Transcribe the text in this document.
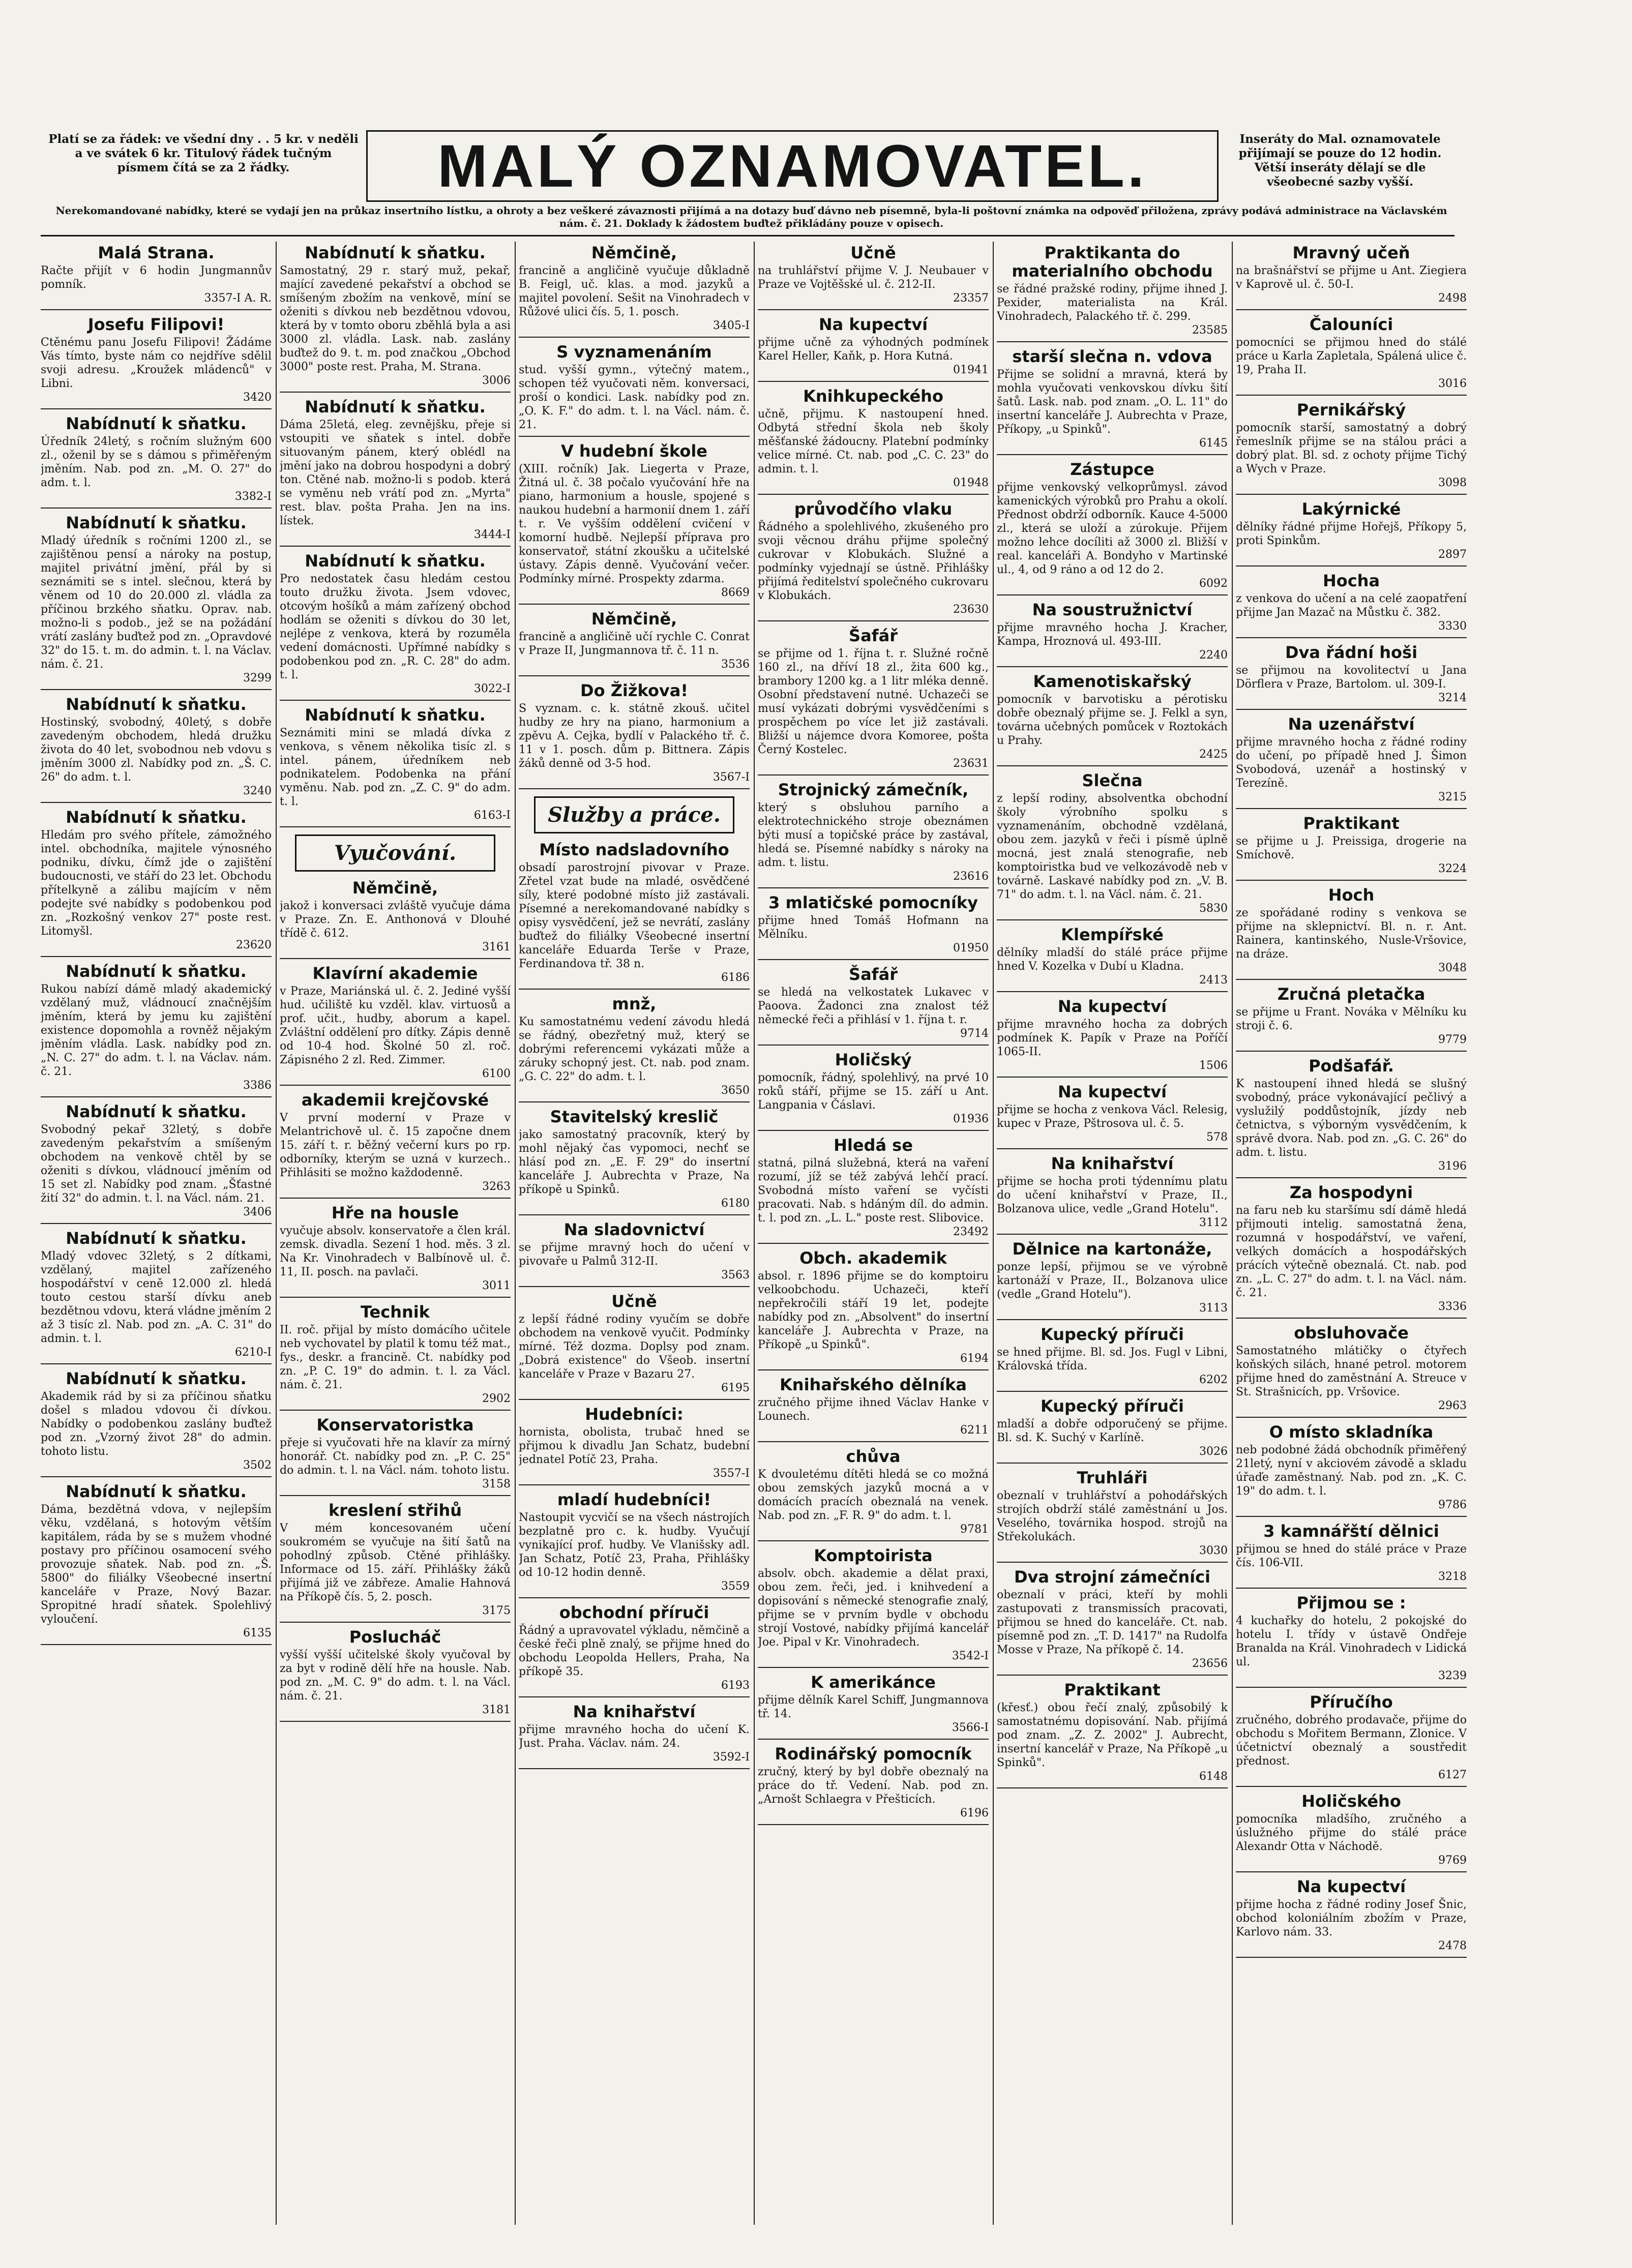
Platí se za řádek: ve všední dny . . 5 kr. v neděli a ve svátek 6 kr. Titulový řádek tučným písmem čítá se za 2 řádky.	MALÝ OZNAMOVATEL.	Inseráty do Mal. oznamovatele přijímají se pouze do 12 hodin. Větší inseráty dělají se dle všeobecné sazby vyšší.
Nerekomandované nabídky, které se vydají jen na průkaz insertního lístku, a ohroty a bez veškeré závaznosti přijímá a na dotazy buď dávno neb písemně, byla-li poštovní známka na odpověď přiložena, zprávy podává administrace na Václavském nám. č. 21. Doklady k žádostem buďtež přikládány pouze v opisech.
Malá Strana.

Račte přijít v 6 hodin Jungmannův pomník.

3357-I A. R.
Josefu Filipovi!

Ctěnému panu Josefu Filipovi! Žádáme Vás tímto, byste nám co nejdříve sdělil svoji adresu. „Kroužek mládenců" v Libni.

3420
Nabídnutí k sňatku.

Úředník 24letý, s ročním služným 600 zl., oženil by se s dámou s přiměřeným jměním. Nab. pod zn. „M. O. 27" do adm. t. l.

3382-I
Nabídnutí k sňatku.

Mladý úředník s ročními 1200 zl., se zajištěnou pensí a nároky na postup, majitel privátní jmění, přál by si seznámiti se s intel. slečnou, která by věnem od 10 do 20.000 zl. vládla za příčinou brzkého sňatku. Oprav. nab. možno-li s podob., jež se na požádání vrátí zaslány buďtež pod zn. „Opravdové 32" do 15. t. m. do admin. t. l. na Václav. nám. č. 21.

3299
Nabídnutí k sňatku.

Hostinský, svobodný, 40letý, s dobře zavedeným obchodem, hledá družku života do 40 let, svobodnou neb vdovu s jměním 3000 zl. Nabídky pod zn. „Š. C. 26" do adm. t. l.

3240
Nabídnutí k sňatku.

Hledám pro svého přítele, zámožného intel. obchodníka, majitele výnosného podniku, dívku, čímž jde o zajištění budoucnosti, ve stáří do 23 let. Obchodu přítelkyně a zálibu majícím v něm podejte své nabídky s podobenkou pod zn. „Rozkošný venkov 27" poste rest. Litomyšl.

23620
Nabídnutí k sňatku.

Rukou nabízí dámě mladý akademický vzdělaný muž, vládnoucí značnějším jměním, která by jemu ku zajištění existence dopomohla a rovněž nějakým jměním vládla. Lask. nabídky pod zn. „N. C. 27" do adm. t. l. na Václav. nám. č. 21.

3386
Nabídnutí k sňatku.

Svobodný pekař 32letý, s dobře zavedeným pekařstvím a smíšeným obchodem na venkově chtěl by se oženiti s dívkou, vládnoucí jměním od 15 set zl. Nabídky pod znam. „Šťastné žití 32" do admin. t. l. na Václ. nám. 21.

3406
Nabídnutí k sňatku.

Mladý vdovec 32letý, s 2 dítkami, vzdělaný, majitel zařízeného hospodářství v ceně 12.000 zl. hledá touto cestou starší dívku aneb bezdětnou vdovu, která vládne jměním 2 až 3 tisíc zl. Nab. pod zn. „A. C. 31" do admin. t. l.

6210-I
Nabídnutí k sňatku.

Akademik rád by si za příčinou sňatku došel s mladou vdovou či dívkou. Nabídky o podobenkou zaslány buďtež pod zn. „Vzorný život 28" do admin. tohoto listu.

3502
Nabídnutí k sňatku.

Dáma, bezdětná vdova, v nejlepším věku, vzdělaná, s hotovým větším kapitálem, ráda by se s mužem vhodné postavy pro příčinou osamocení svého provozuje sňatek. Nab. pod zn. „Š. 5800" do filiálky Všeobecné insertní kanceláře v Praze, Nový Bazar. Spropitné hradí sňatek. Spolehlivý vyloučení.

6135
Nabídnutí k sňatku.

Samostatný, 29 r. starý muž, pekař, mající zavedené pekařství a obchod se smíšeným zbožím na venkově, míní se oženiti s dívkou neb bezdětnou vdovou, která by v tomto oboru zběhlá byla a asi 3000 zl. vládla. Lask. nab. zaslány buďtež do 9. t. m. pod značkou „Obchod 3000" poste rest. Praha, M. Strana.

3006
Nabídnutí k sňatku.

Dáma 25letá, eleg. zevnějšku, přeje si vstoupiti ve sňatek s intel. dobře situovaným pánem, který oblédl na jmění jako na dobrou hospodyni a dobrý ton. Ctěné nab. možno-li s podob. která se vyměnu neb vrátí pod zn. „Myrta" rest. blav. pošta Praha. Jen na ins. lístek.

3444-I
Nabídnutí k sňatku.

Pro nedostatek času hledám cestou touto družku života. Jsem vdovec, otcovým hošíků a mám zařízený obchod hodlám se oženiti s dívkou do 30 let, nejlépe z venkova, která by rozuměla vedení domácnosti. Upřímné nabídky s podobenkou pod zn. „R. C. 28" do adm. t. l.

3022-I
Nabídnutí k sňatku.

Seznámiti mini se mladá dívka z venkova, s věnem několika tisíc zl. s intel. pánem, úředníkem neb podnikatelem. Podobenka na přání vyměnu. Nab. pod zn. „Z. C. 9" do adm. t. l.

6163-I
Vyučování.
Němčině,

jakož i konversaci zvláště vyučuje dáma v Praze. Zn. E. Anthonová v Dlouhé třídě č. 612.

3161
Klavírní akademie

v Praze, Mariánská ul. č. 2. Jediné vyšší hud. učiliště ku vzděl. klav. virtuosů a prof. učit., hudby, aborum a kapel. Zvláštní oddělení pro dítky. Zápis denně od 10-4 hod. Školné 50 zl. roč. Zápisného 2 zl. Red. Zimmer.

6100
akademii krejčovské

V první moderní v Praze v Melantrichově ul. č. 15 započne dnem 15. září t. r. běžný večerní kurs po rp. odborníky, kterým se uzná v kurzech.. Přihlásiti se možno každodenně.

3263
Hře na housle

vyučuje absolv. konservatoře a člen král. zemsk. divadla. Sezení 1 hod. měs. 3 zl. Na Kr. Vinohradech v Balbínově ul. č. 11, II. posch. na pavlači.

3011
Technik

II. roč. přijal by místo domácího učitele neb vychovatel by platil k tomu též mat., fys., deskr. a francině. Ct. nabídky pod zn. „P. C. 19" do admin. t. l. za Václ. nám. č. 21.

2902
Konservatoristka

přeje si vyučovati hře na klavír za mírný honorář. Ct. nabídky pod zn. „P. C. 25" do admin. t. l. na Václ. nám. tohoto listu.

3158
kreslení střihů

V mém koncesovaném učení soukromém se vyučuje na šití šatů na pohodlný způsob. Ctěné přihlášky. Informace od 15. září. Přihlášky žáků přijímá již ve zábřeze. Amalie Hahnová na Příkopě čís. 5, 2. posch.

3175
Poslucháč

vyšší vyšší učitelské školy vyučoval by za byt v rodině dělí hře na housle. Nab. pod zn. „M. C. 9" do adm. t. l. na Václ. nám. č. 21.

3181
Němčině,

francině a angličině vyučuje důkladně B. Feigl, uč. klas. a mod. jazyků a majitel povolení. Sešit na Vinohradech v Růžové ulici čís. 5, 1. posch.

3405-I
S vyznamenáním

stud. vyšší gymn., výtečný matem., schopen též vyučovati něm. konversaci, proší o kondici. Lask. nabídky pod zn. „O. K. F." do adm. t. l. na Václ. nám. č. 21.

V hudební škole

(XIII. ročník) Jak. Liegerta v Praze, Žitná ul. č. 38 počalo vyučování hře na piano, harmonium a housle, spojené s naukou hudební a harmonií dnem 1. září t. r. Ve vyšším oddělení cvičení v komorní hudbě. Nejlepší příprava pro konservatoř, státní zkoušku a učitelské ústavy. Zápis denně. Vyučování večer. Podmínky mírné. Prospekty zdarma.

8669
Němčině,

francině a angličině učí rychle C. Conrat v Praze II, Jungmannova tř. č. 11 n.

3536
Do Žižkova!

S vyznam. c. k. státně zkouš. učitel hudby ze hry na piano, harmonium a zpěvu A. Cejka, bydlí v Palackého tř. č. 11 v 1. posch. dům p. Bittnera. Zápis žáků denně od 3-5 hod.

3567-I
Služby a práce.
Místo nadsladovního

obsadí parostrojní pivovar v Praze. Zřetel vzat bude na mladé, osvědčené síly, které podobné místo již zastávali. Písemné a nerekomandované nabídky s opisy vysvědčení, jež se nevrátí, zaslány buďtež do filiálky Všeobecné insertní kanceláře Eduarda Terše v Praze, Ferdinandova tř. 38 n.

6186
mnž,

Ku samostatnému vedení závodu hledá se řádný, obezřetný muž, který se dobrými referencemi vykázati může a záruky schopný jest. Ct. nab. pod znam. „G. C. 22" do adm. t. l.

3650
Stavitelský kreslič

jako samostatný pracovník, který by mohl nějaký čas vypomoci, nechť se hlásí pod zn. „E. F. 29" do insertní kanceláře J. Aubrechta v Praze, Na příkopě u Spinků.

6180
Na sladovnictví

se přijme mravný hoch do učení v pivovaře u Palmů 312-II.

3563
Učně

z lepší řádné rodiny vyučím se dobře obchodem na venkově vyučit. Podmínky mírné. Též dozma. Doplsy pod znam. „Dobrá existence" do Všeob. insertní kanceláře v Praze v Bazaru 27.

6195
Hudebníci:

hornista, obolista, trubač hned se přijmou k divadlu Jan Schatz, budební jednatel Potíč 23, Praha.

3557-I
mladí hudebníci!

Nastoupit vycvičí se na všech nástrojích bezplatně pro c. k. hudby. Vyučují vynikající prof. hudby. Ve Vlanišsky adl. Jan Schatz, Potíč 23, Praha, Přihlášky od 10-12 hodin denně.

3559
obchodní příruči

Řádný a upravovatel výkladu, němčině a české řeči plně znalý, se přijme hned do obchodu Leopolda Hellers, Praha, Na příkopě 35.

6193
Na knihařství

přijme mravného hocha do učení K. Just. Praha. Václav. nám. 24.

3592-I
Učně

na truhlářství přijme V. J. Neubauer v Praze ve Vojtěšské ul. č. 212-II.

23357
Na kupectví

přijme učně za výhodných podmínek Karel Heller, Kaňk, p. Hora Kutná.

01941
Knihkupeckého

učně, přijmu. K nastoupení hned. Odbytá střední škola neb školy měšťanské žádoucny. Platební podmínky velice mírné. Ct. nab. pod „C. C. 23" do admin. t. l.

01948
průvodčího vlaku

Řádného a spolehlivého, zkušeného pro svoji věcnou dráhu přijme společný cukrovar v Klobukách. Služné a podmínky vyjednají se ústně. Přihlášky přijímá ředitelství společného cukrovaru v Klobukách.

23630
Šafář

se přijme od 1. října t. r. Služné ročně 160 zl., na dříví 18 zl., žita 600 kg., brambory 1200 kg. a 1 litr mléka denně. Osobní představení nutné. Uchazeči se musí vykázati dobrými vysvědčeními s prospěchem po více let již zastávali. Bližší u nájemce dvora Komoree, pošta Černý Kostelec.

23631
Strojnický zámečník,

který s obsluhou parního a elektrotechnického stroje obeznámen býti musí a topičské práce by zastával, hledá se. Písemné nabídky s nároky na adm. t. listu.

23616
3 mlatičské pomocníky

přijme hned Tomáš Hofmann na Mělníku.

01950
Šafář

se hledá na velkostatek Lukavec v Paoova. Žadonci zna znalost též německé řeči a přihlásí v 1. října t. r.

9714
Holičský

pomocník, řádný, spolehlivý, na prvé 10 roků stáří, přijme se 15. září u Ant. Langpania v Čáslavi.

01936
Hledá se

statná, pilná služebná, která na vaření rozumí, jíž se též zabývá lehčí prací. Svobodná místo vaření se vyčísti pracovati. Nab. s hdáným díl. do admin. t. l. pod zn. „L. L." poste rest. Slibovice.

23492
Obch. akademik

absol. r. 1896 přijme se do komptoiru velkoobchodu. Uchazeči, kteří nepřekročili stáří 19 let, podejte nabídky pod zn. „Absolvent" do insertní kanceláře J. Aubrechta v Praze, na Příkopě „u Spinků".

6194
Knihařského dělníka

zručného přijme ihned Václav Hanke v Lounech.

6211
chůva

K dvouletému dítěti hledá se co možná obou zemských jazyků mocná a v domácích pracích obeznalá na venek. Nab. pod zn. „F. R. 9" do adm. t. l.

9781
Komptoirista

absolv. obch. akademie a dělat praxi, obou zem. řeči, jed. i knihvedení a dopisování s německé stenografie znalý, přijme se v prvním bydle v obchodu strojí Vostové, nabídky přijímá kancelář Joe. Pipal v Kr. Vinohradech.

3542-I
K amerikánce

přijme dělník Karel Schiff, Jungmannova tř. 14.

3566-I
Rodinářský pomocník

zručný, který by byl dobře obeznalý na práce do tř. Vedení. Nab. pod zn. „Arnošt Schlaegra v Přešticích.

6196
Praktikanta do materialního obchodu

se řádné pražské rodiny, přijme ihned J. Pexider, materialista na Král. Vinohradech, Palackého tř. č. 299.

23585
starší slečna n. vdova

Přijme se solidní a mravná, která by mohla vyučovati venkovskou dívku šití šatů. Lask. nab. pod znam. „O. L. 11" do insertní kanceláře J. Aubrechta v Praze, Příkopy, „u Spinků".

6145
Zástupce

přijme venkovský velkoprůmysl. závod kamenických výrobků pro Prahu a okolí. Přednost obdrží odborník. Kauce 4-5000 zl., která se uloží a zúrokuje. Přijem možno lehce docíliti až 3000 zl. Bližší v real. kanceláři A. Bondyho v Martinské ul., 4, od 9 ráno a od 12 do 2.

6092
Na soustružnictví

přijme mravného hocha J. Kracher, Kampa, Hroznová ul. 493-III.

2240
Kamenotiskařský

pomocník v barvotisku a pérotisku dobře obeznalý přijme se. J. Felkl a syn, továrna učebných pomůcek v Roztokách u Prahy.

2425
Slečna

z lepší rodiny, absolventka obchodní školy výrobního spolku s vyznamenáním, obchodně vzdělaná, obou zem. jazyků v řeči i písmě úplně mocná, jest znalá stenografie, neb komptoiristka bud ve velkozávodě neb v továrně. Laskavé nabídky pod zn. „V. B. 71" do adm. t. l. na Václ. nám. č. 21.

5830
Klempířské

dělníky mladší do stálé práce přijme hned V. Kozelka v Dubí u Kladna.

2413
Na kupectví

přijme mravného hocha za dobrých podmínek K. Papík v Praze na Poříčí 1065-II.

1506
Na kupectví

přijme se hocha z venkova Václ. Relesig, kupec v Praze, Pštrosova ul. č. 5.

578
Na knihařství

přijme se hocha proti týdennímu platu do učení knihařství v Praze, II., Bolzanova ulice, vedle „Grand Hotelu".

3112
Dělnice na kartonáže,

ponze lepší, přijmou se ve výrobně kartonáží v Praze, II., Bolzanova ulice (vedle „Grand Hotelu").

3113
Kupecký příruči

se hned přijme. Bl. sd. Jos. Fugl v Libni, Královská třída.

6202
Kupecký příruči

mladší a dobře odporučený se přijme. Bl. sd. K. Suchý v Karlíně.

3026
Truhláři

obeznalí v truhlářství a pohodářských strojích obdrží stálé zaměstnání u Jos. Veselého, továrnika hospod. strojů na Střekolukách.

3030
Dva strojní zámečníci

obeznalí v práci, kteří by mohli zastupovati z transmissích pracovati, přijmou se hned do kanceláře. Ct. nab. písemně pod zn. „T. D. 1417" na Rudolfa Mosse v Praze, Na příkopě č. 14.

23656
Praktikant

(křesť.) obou řečí znalý, způsobilý k samostatnému dopisování. Nab. přijímá pod znam. „Z. Z. 2002" J. Aubrecht, insertní kancelář v Praze, Na Příkopě „u Spinků".

6148
Mravný učeň

na brašnářství se přijme u Ant. Ziegiera v Kaprově ul. č. 50-I.

2498
Čalouníci

pomocníci se přijmou hned do stálé práce u Karla Zapletala, Spálená ulice č. 19, Praha II.

3016
Pernikářský

pomocník starší, samostatný a dobrý řemeslník přijme se na stálou práci a dobrý plat. Bl. sd. z ochoty přijme Tichý a Wych v Praze.

3098
Lakýrnické

dělníky řádné přijme Hořejš, Příkopy 5, proti Spinkům.

2897
Hocha

z venkova do učení a na celé zaopatření přijme Jan Mazač na Můstku č. 382.

3330
Dva řádní hoši

se přijmou na kovolitectví u Jana Dörflera v Praze, Bartolom. ul. 309-I.

3214
Na uzenářství

přijme mravného hocha z řádné rodiny do učení, po případě hned J. Šimon Svobodová, uzenář a hostinský v Terezíně.

3215
Praktikant

se přijme u J. Preissiga, drogerie na Smíchově.

3224
Hoch

ze spořádané rodiny s venkova se přijme na sklepnictví. Bl. n. r. Ant. Rainera, kantinského, Nusle-Vršovice, na dráze.

3048
Zručná pletačka

se přijme u Frant. Nováka v Mělníku ku stroji č. 6.

9779
Podšafář.

K nastoupení ihned hledá se slušný svobodný, práce vykonávající pečlivý a vyslužilý poddůstojník, jízdy neb četnictva, s výborným vysvědčením, k správě dvora. Nab. pod zn. „G. C. 26" do adm. t. listu.

3196
Za hospodyni

na faru neb ku staršímu sdí dámě hledá přijmouti intelig. samostatná žena, rozumná v hospodářství, ve vaření, velkých domácích a hospodářských prácích výtečně obeznalá. Ct. nab. pod zn. „L. C. 27" do adm. t. l. na Václ. nám. č. 21.

3336
obsluhovače

Samostatného mlátičky o čtyřech koňských silách, hnané petrol. motorem přijme hned do zaměstnání A. Streuce v St. Strašnicích, pp. Vršovice.

2963
O místo skladníka

neb podobné žádá obchodník přiměřený 21letý, nyní v akciovém závodě a skladu úřaďe zaměstnaný. Nab. pod zn. „K. C. 19" do adm. t. l.

9786
3 kamnářští dělnici

přijmou se hned do stálé práce v Praze čís. 106-VII.

3218
Přijmou se :

4 kuchařky do hotelu, 2 pokojské do hotelu I. třídy v ústavě Ondřeje Branalda na Král. Vinohradech v Lidická ul.

3239
Příručího

zručného, dobrého prodavače, přijme do obchodu s Mořitem Bermann, Zlonice. V účetnictví obeznalý a soustředit přednost.

6127
Holičského

pomocníka mladšího, zručného a úslužného přijme do stálé práce Alexandr Otta v Náchodě.

9769
Na kupectví

přijme hocha z řádné rodiny Josef Šnic, obchod koloniálním zbožím v Praze, Karlovo nám. 33.

2478
